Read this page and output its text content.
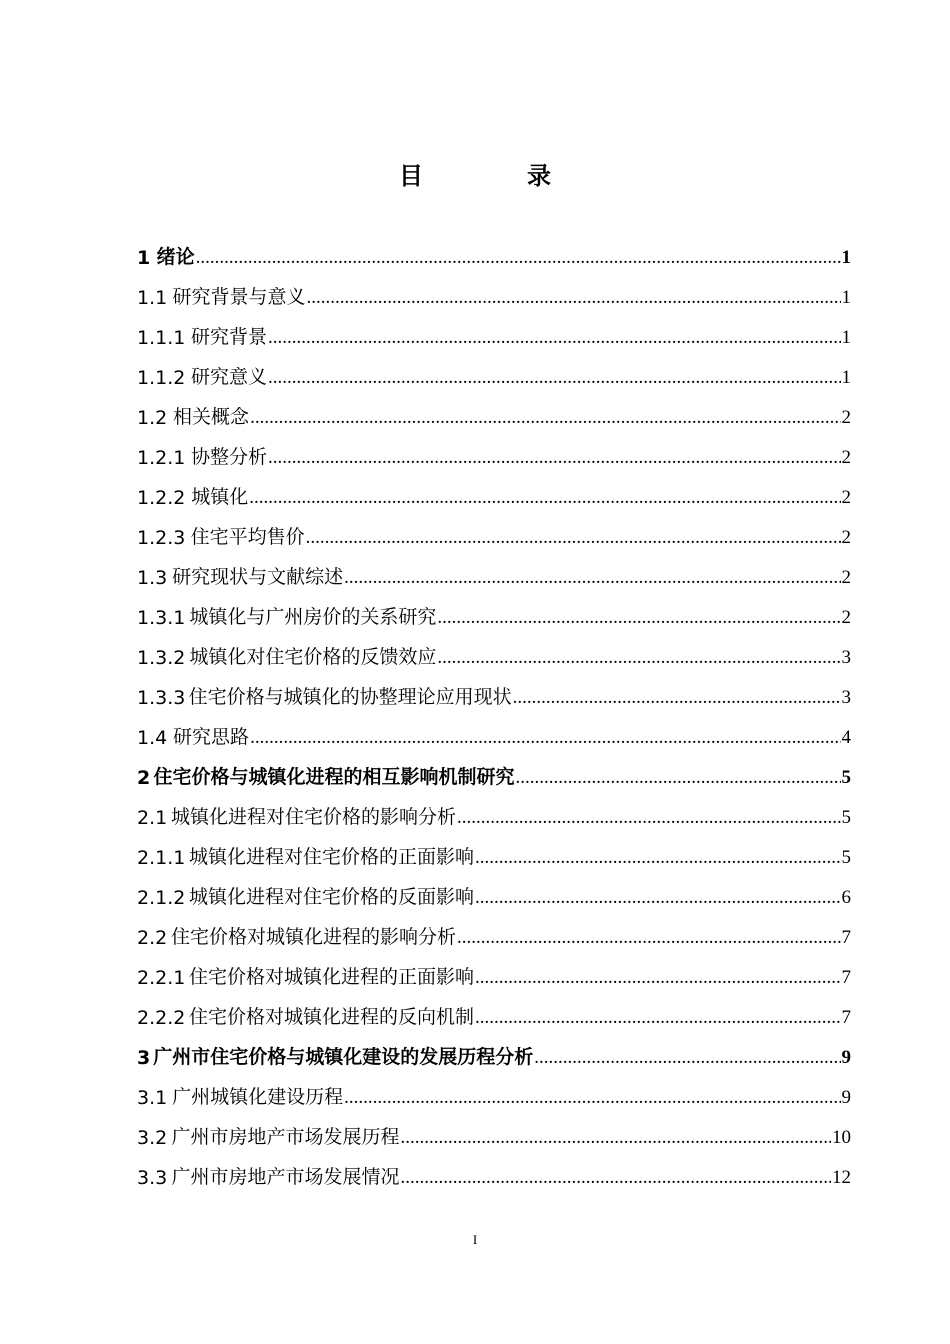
目　录
1 绪论 .....	1
1.1 研究背景与意义 .....	1
1.1.1 研究背景 .....	1
1.1.2 研究意义 .....	1
1.2 相关概念 .....	2
1.2.1 协整分析 .....	2
1.2.2 城镇化 .....	2
1.2.3 住宅平均售价 .....	2
1.3 研究现状与文献综述 .....	2
1.3.1 城镇化与广州房价的关系研究 .....	2
1.3.2 城镇化对住宅价格的反馈效应 .....	3
1.3.3 住宅价格与城镇化的协整理论应用现状 .....	3
1.4 研究思路 .....	4
2 住宅价格与城镇化进程的相互影响机制研究 .....	5
2.1 城镇化进程对住宅价格的影响分析 .....	5
2.1.1 城镇化进程对住宅价格的正面影响 .....	5
2.1.2 城镇化进程对住宅价格的反面影响 .....	6
2.2 住宅价格对城镇化进程的影响分析 .....	7
2.2.1 住宅价格对城镇化进程的正面影响 .....	7
2.2.2 住宅价格对城镇化进程的反向机制 .....	7
3 广州市住宅价格与城镇化建设的发展历程分析 .....	9
3.1 广州城镇化建设历程 .....	9
3.2 广州市房地产市场发展历程 .....	10
3.3 广州市房地产市场发展情况 .....	12
I
